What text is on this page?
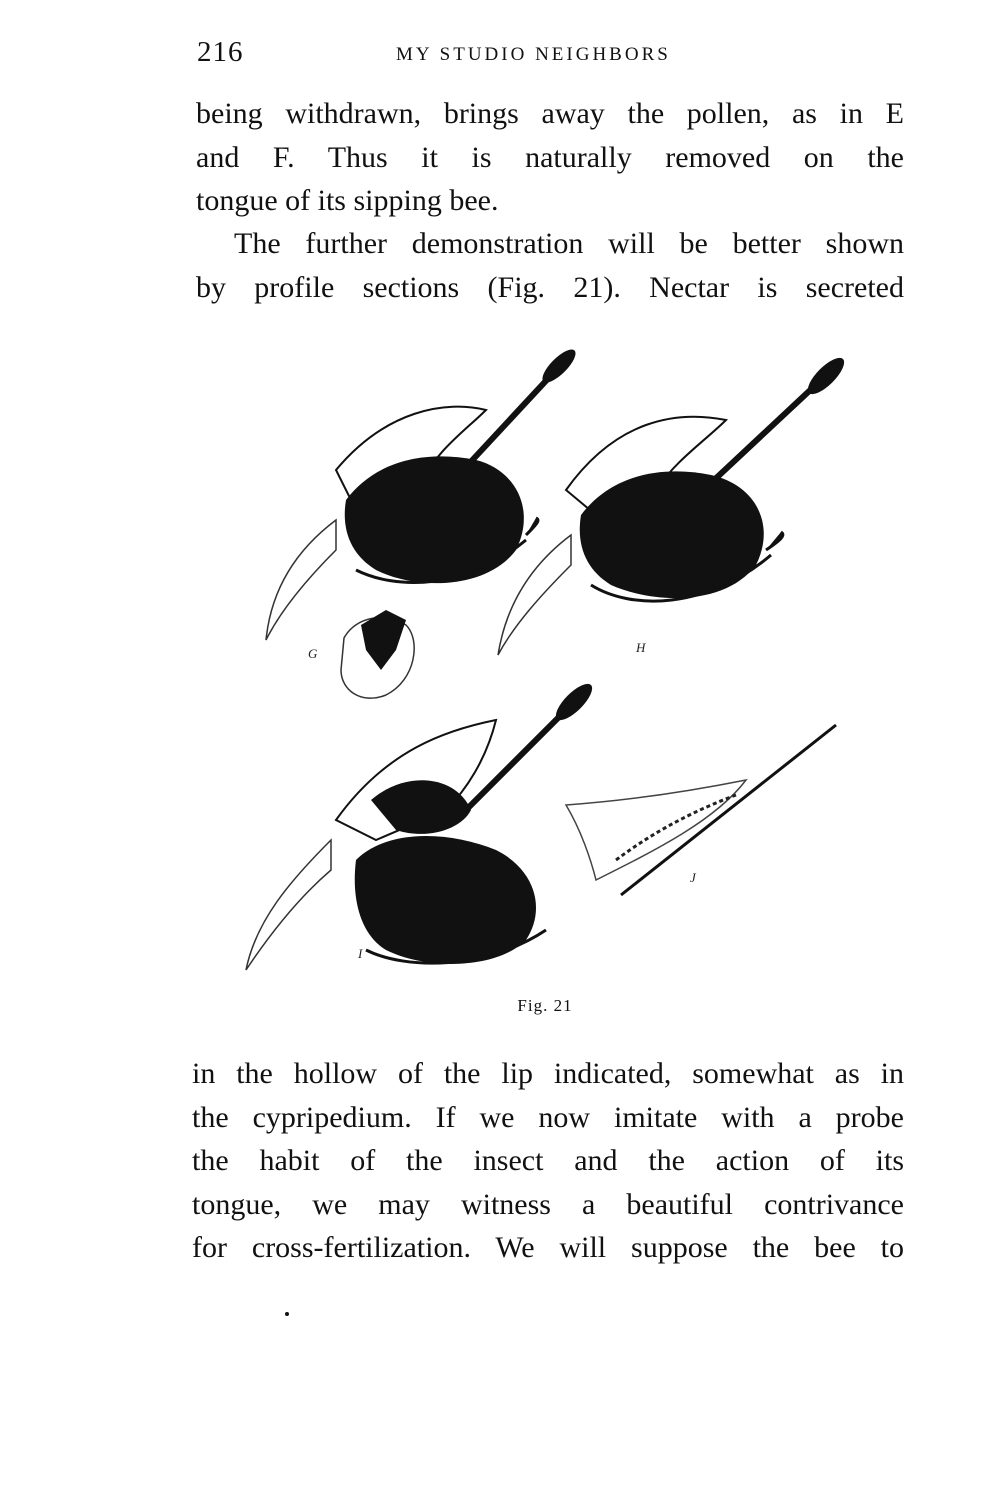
216	MY STUDIO NEIGHBORS
being withdrawn, brings away the pollen, as in E
and F. Thus it is naturally removed on the
tongue of its sipping bee.
The further demonstration will be better shown
by profile sections (Fig. 21). Nectar is secreted
G	H
I
J
Fig. 21
in the hollow of the lip indicated, somewhat as in
the cypripedium. If we now imitate with a probe
the habit of the insect and the action of its
tongue, we may witness a beautiful contrivance
for cross-fertilization. We will suppose the bee to
